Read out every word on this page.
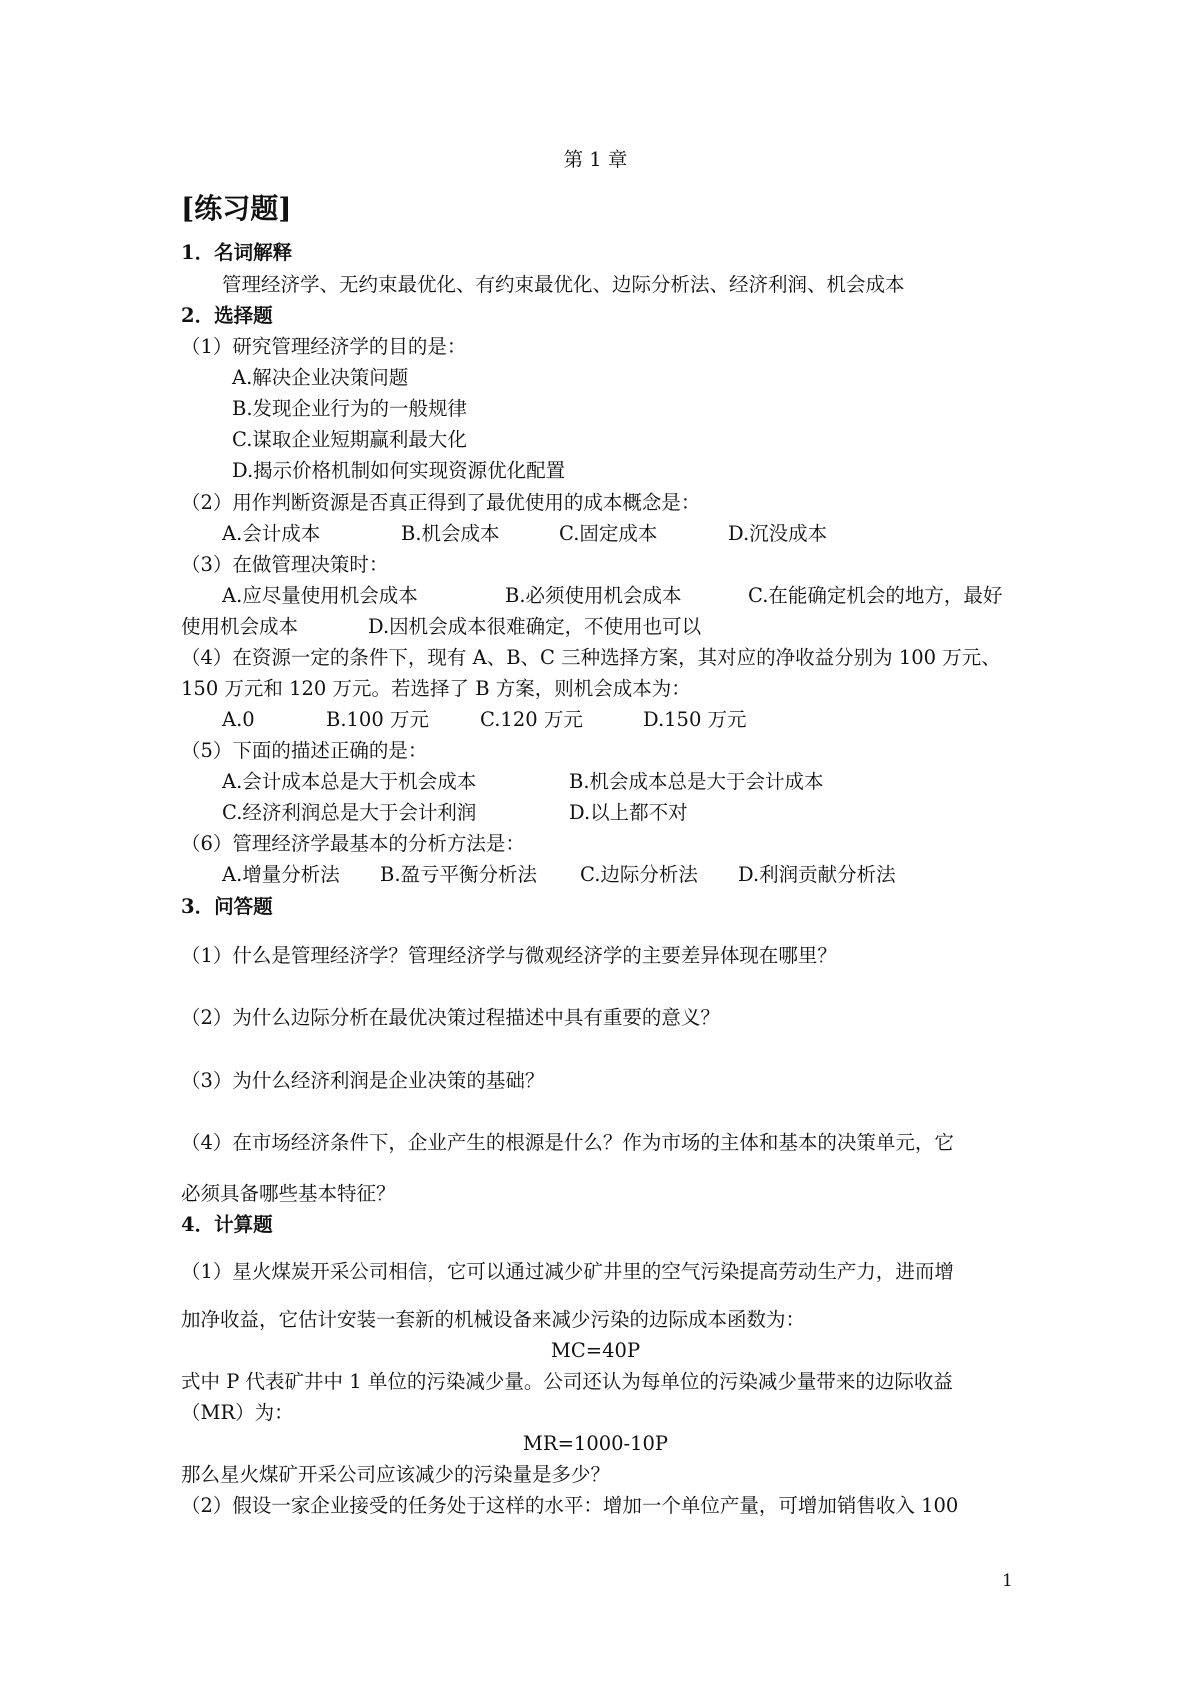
第 1 章
[练习题]
1．名词解释
管理经济学、无约束最优化、有约束最优化、边际分析法、经济利润、机会成本
2．选择题
（1）研究管理经济学的目的是：
A.解决企业决策问题
B.发现企业行为的一般规律
C.谋取企业短期赢利最大化
D.揭示价格机制如何实现资源优化配置
（2）用作判断资源是否真正得到了最优使用的成本概念是：
A.会计成本	B.机会成本	C.固定成本	D.沉没成本
（3）在做管理决策时：
A.应尽量使用机会成本	B.必须使用机会成本	C.在能确定机会的地方，最好
使用机会成本	D.因机会成本很难确定，不使用也可以
（4）在资源一定的条件下，现有 A、B、C 三种选择方案，其对应的净收益分别为 100 万元、
150 万元和 120 万元。若选择了 B 方案，则机会成本为：
A.0	B.100 万元	C.120 万元	D.150 万元
（5）下面的描述正确的是：
A.会计成本总是大于机会成本	B.机会成本总是大于会计成本
C.经济利润总是大于会计利润	D.以上都不对
（6）管理经济学最基本的分析方法是：
A.增量分析法 B.盈亏平衡分析法 C.边际分析法 D.利润贡献分析法
3．问答题
（1）什么是管理经济学？管理经济学与微观经济学的主要差异体现在哪里？
（2）为什么边际分析在最优决策过程描述中具有重要的意义？
（3）为什么经济利润是企业决策的基础？
（4）在市场经济条件下，企业产生的根源是什么？作为市场的主体和基本的决策单元，它
必须具备哪些基本特征？
4．计算题
（1）星火煤炭开采公司相信，它可以通过减少矿井里的空气污染提高劳动生产力，进而增
加净收益，它估计安装一套新的机械设备来减少污染的边际成本函数为：
MC=40P
式中 P 代表矿井中 1 单位的污染减少量。公司还认为每单位的污染减少量带来的边际收益
（MR）为：
MR=1000-10P
那么星火煤矿开采公司应该减少的污染量是多少？
（2）假设一家企业接受的任务处于这样的水平：增加一个单位产量，可增加销售收入 100
1
